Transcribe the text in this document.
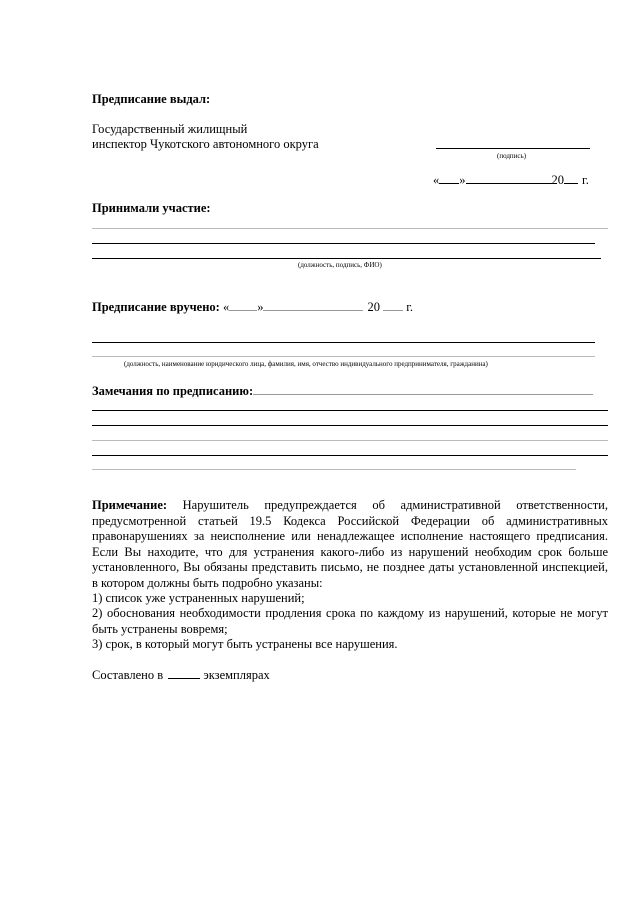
Предписание выдал:

Государственный жилищный

инспектор Чукотского автономного округа

(подпись)
« »	20 г.

Принимали участие:

(должность, подпись, ФИО)
Предписание вручено: « »	20 г.
(должность, наименование юридического лица, фамилия, имя, отчество индивидуального предпринимателя, гражданина)
Замечания по предписанию:

Примечание: Нарушитель предупреждается об административной ответственности, предусмотренной статьей 19.5 Кодекса Российской Федерации об административных правонарушениях за неисполнение или ненадлежащее исполнение настоящего предписания. Если Вы находите, что для устранения какого-либо из нарушений необходим срок больше установленного, Вы обязаны представить письмо, не позднее даты установленной инспекцией, в котором должны быть подробно указаны:

1) список уже устраненных нарушений;

2) обоснования необходимости продления срока по каждому из нарушений, которые не могут быть устранены вовремя;

3) срок, в который могут быть устранены все нарушения.

Составлено в	экземплярах
